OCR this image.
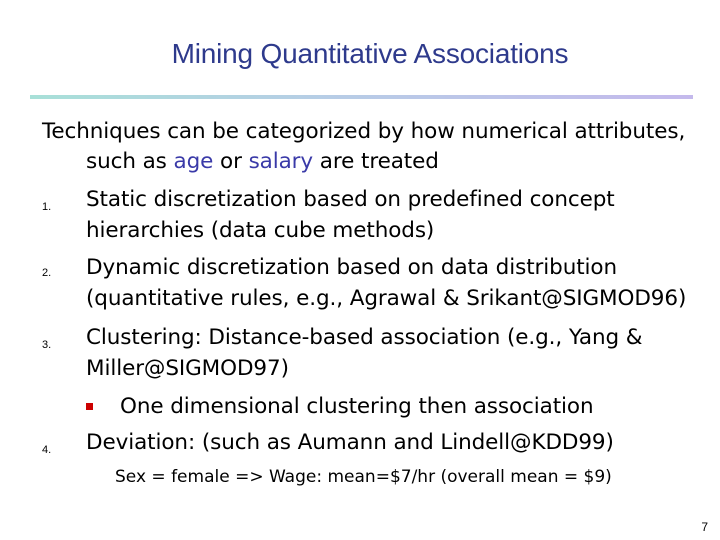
Mining Quantitative Associations
Techniques can be categorized by how numerical attributes,
such as age or salary are treated
1. Static discretization based on predefined concept
hierarchies (data cube methods)
2. Dynamic discretization based on data distribution
(quantitative rules, e.g., Agrawal & Srikant@SIGMOD96)
3. Clustering: Distance-based association (e.g., Yang &
Miller@SIGMOD97)
One dimensional clustering then association
4. Deviation: (such as Aumann and Lindell@KDD99)
Sex = female => Wage: mean=$7/hr (overall mean = $9)
7
